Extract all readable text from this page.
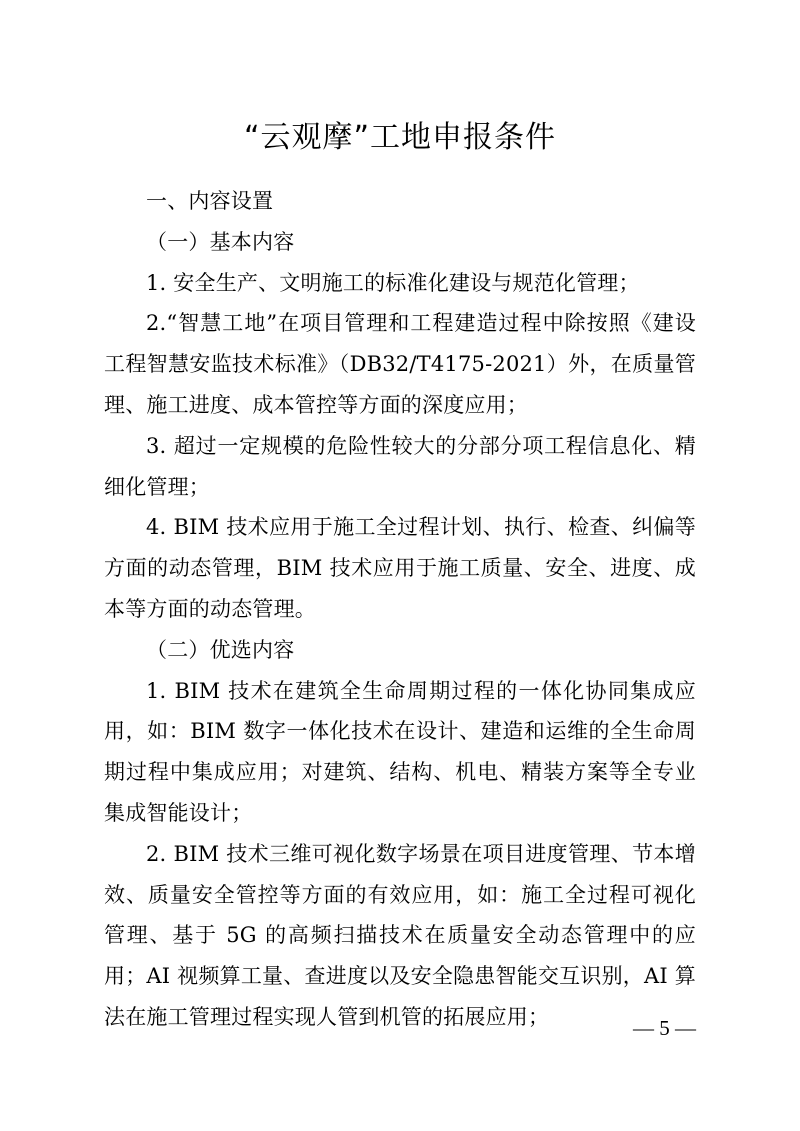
“云观摩”工地申报条件

一、内容设置

（一）基本内容

1. 安全生产、文明施工的标准化建设与规范化管理；

2.“智慧工地”在项目管理和工程建造过程中除按照《建设工程智慧安监技术标准》（DB32/T4175-2021）外，在质量管理、施工进度、成本管控等方面的深度应用；

3. 超过一定规模的危险性较大的分部分项工程信息化、精细化管理；

4. BIM 技术应用于施工全过程计划、执行、检查、纠偏等方面的动态管理，BIM 技术应用于施工质量、安全、进度、成本等方面的动态管理。

（二）优选内容

1. BIM 技术在建筑全生命周期过程的一体化协同集成应用，如：BIM 数字一体化技术在设计、建造和运维的全生命周期过程中集成应用；对建筑、结构、机电、精装方案等全专业集成智能设计；

2. BIM 技术三维可视化数字场景在项目进度管理、节本增效、质量安全管控等方面的有效应用，如：施工全过程可视化管理、基于 5G 的高频扫描技术在质量安全动态管理中的应用；AI 视频算工量、查进度以及安全隐患智能交互识别，AI 算法在施工管理过程实现人管到机管的拓展应用；	— 5 —
